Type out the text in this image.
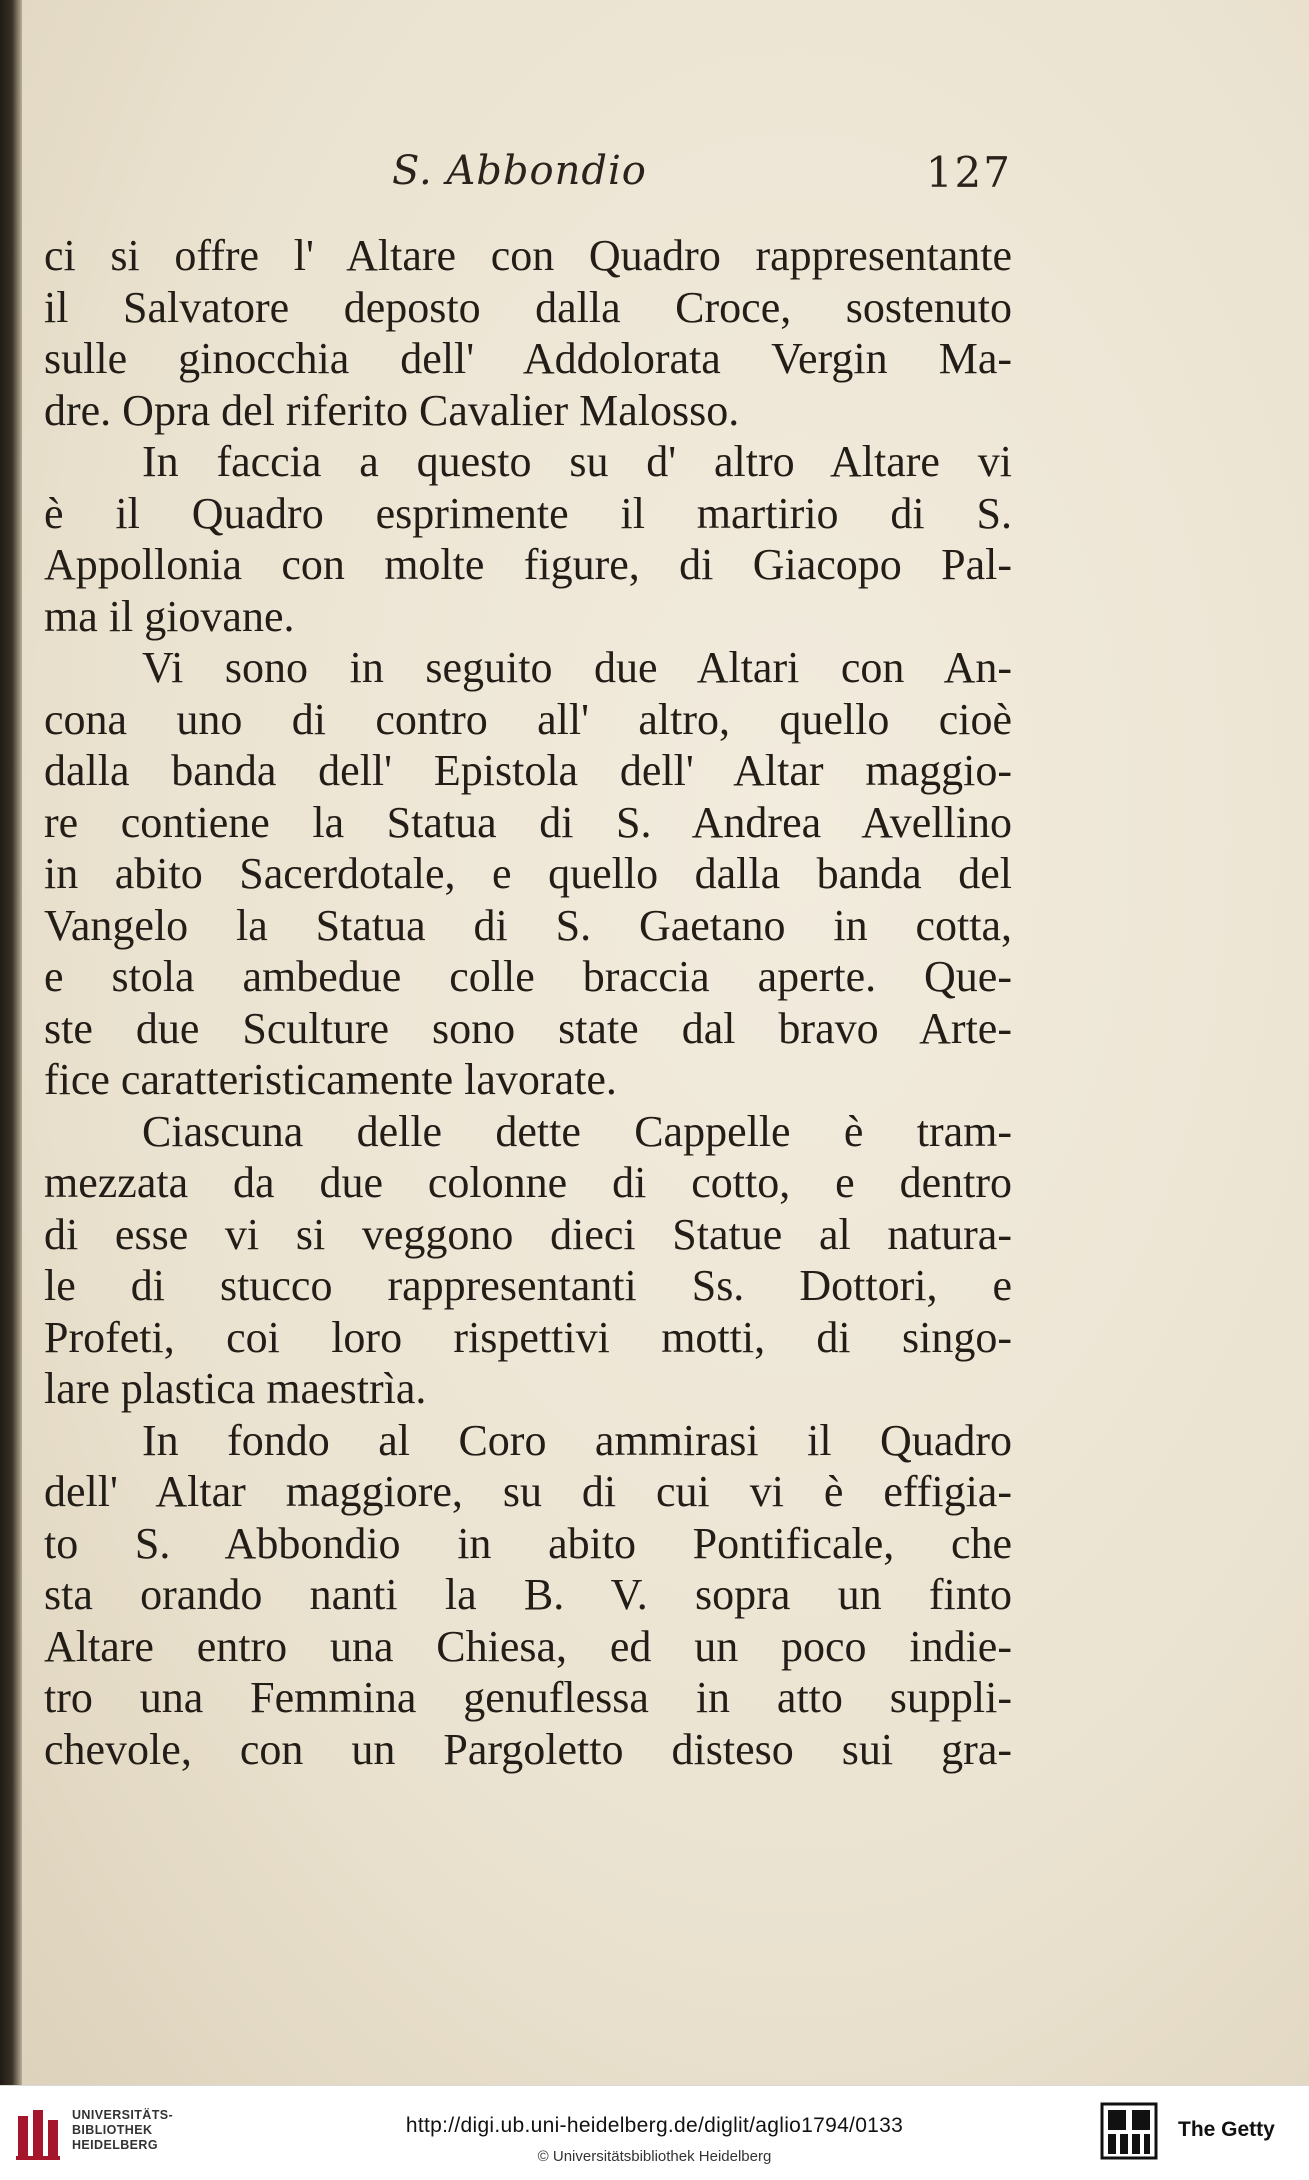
S. Abbondio	127
ci si offre l' Altare con Quadro rappresentante
il Salvatore deposto dalla Croce, sostenuto
sulle ginocchia dell' Addolorata Vergin Ma-
dre. Opra del riferito Cavalier Malosso.
In faccia a questo su d' altro Altare vi
è il Quadro esprimente il martirio di S.
Appollonia con molte figure, di Giacopo Pal-
ma il giovane.
Vi sono in seguito due Altari con An-
cona uno di contro all' altro, quello cioè
dalla banda dell' Epistola dell' Altar maggio-
re contiene la Statua di S. Andrea Avellino
in abito Sacerdotale, e quello dalla banda del
Vangelo la Statua di S. Gaetano in cotta,
e stola ambedue colle braccia aperte. Que-
ste due Sculture sono state dal bravo Arte-
fice caratteristicamente lavorate.
Ciascuna delle dette Cappelle è tram-
mezzata da due colonne di cotto, e dentro
di esse vi si veggono dieci Statue al natura-
le di stucco rappresentanti Ss. Dottori, e
Profeti, coi loro rispettivi motti, di singo-
lare plastica maestrìa.
In fondo al Coro ammirasi il Quadro
dell' Altar maggiore, su di cui vi è effigia-
to S. Abbondio in abito Pontificale, che
sta orando nanti la B. V. sopra un finto
Altare entro una Chiesa, ed un poco indie-
tro una Femmina genuflessa in atto suppli-
chevole, con un Pargoletto disteso sui gra-
UNIVERSITÄTS-
BIBLIOTHEK
HEIDELBERG
http://digi.ub.uni-heidelberg.de/diglit/aglio1794/0133
© Universitätsbibliothek Heidelberg
The Getty
